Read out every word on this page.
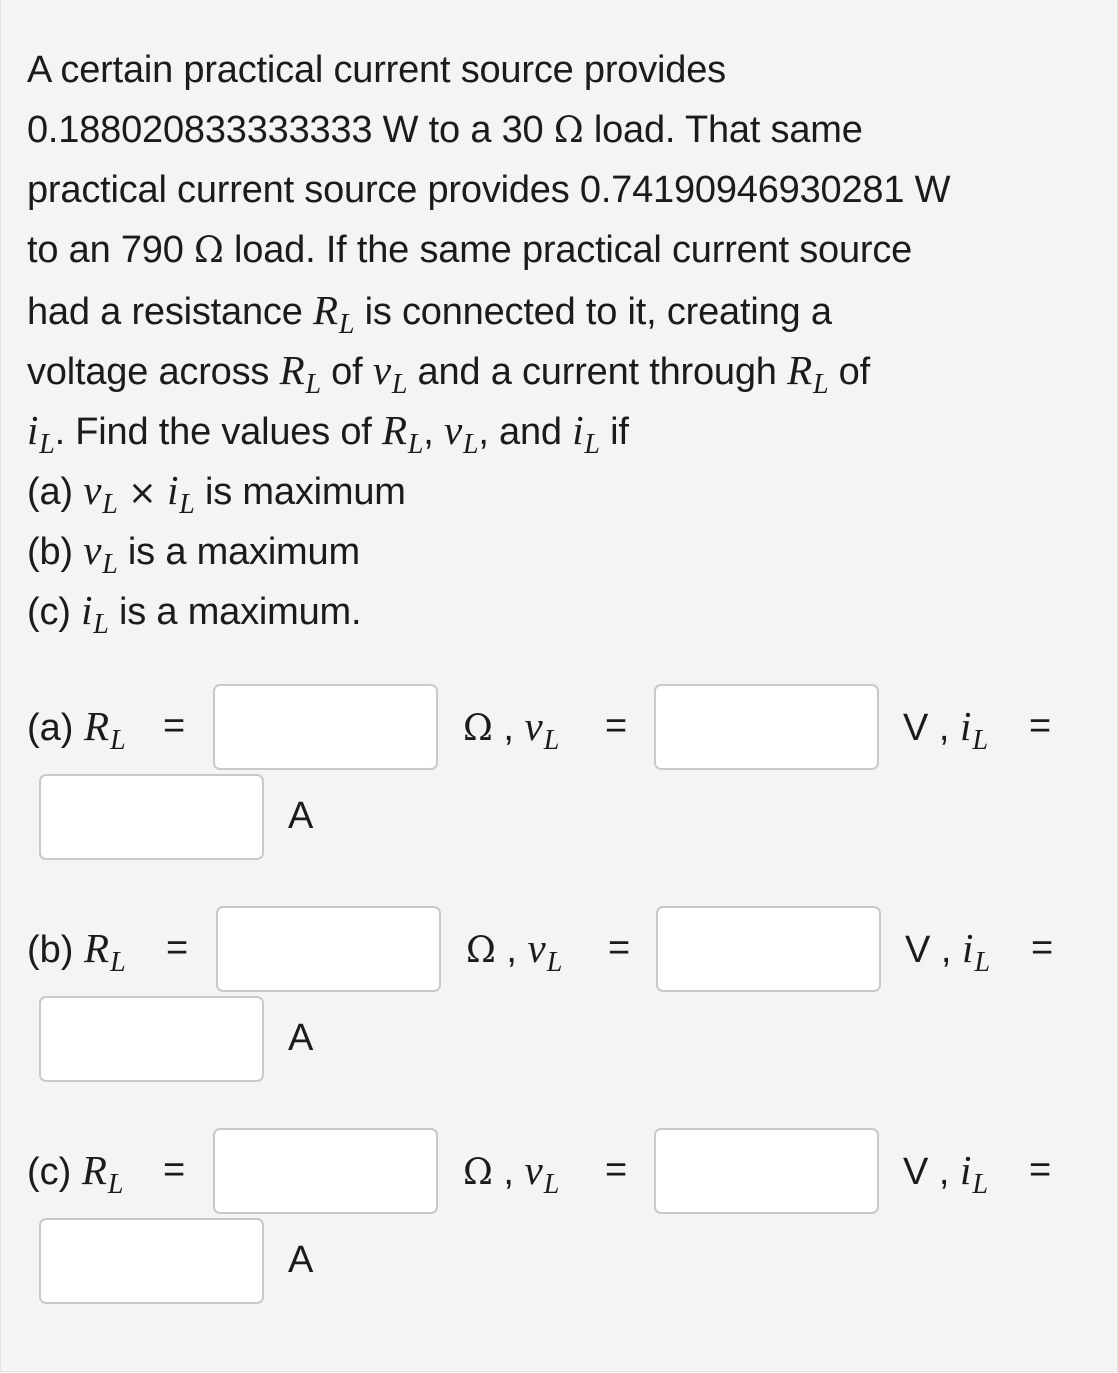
A certain practical current source provides
0.188020833333333 W to a 30 Ω load. That same
practical current source provides 0.74190946930281 W
to an 790 Ω load. If the same practical current source
had a resistance $R_L$ is connected to it, creating a
voltage across $R_L$ of $v_L$ and a current through $R_L$ of
$i_L$. Find the values of $R_L$, $v_L$, and $i_L$ if
(a) $v_L \times i_L$ is maximum
(b) $v_L$ is a maximum
(c) $i_L$ is a maximum.
(a) $R_L$ =	Ω , $v_L$ =	V , $i_L$ =
A
(b) $R_L$ =	Ω , $v_L$ =	V , $i_L$ =
A
(c) $R_L$ =	Ω , $v_L$ =	V , $i_L$ =
A
